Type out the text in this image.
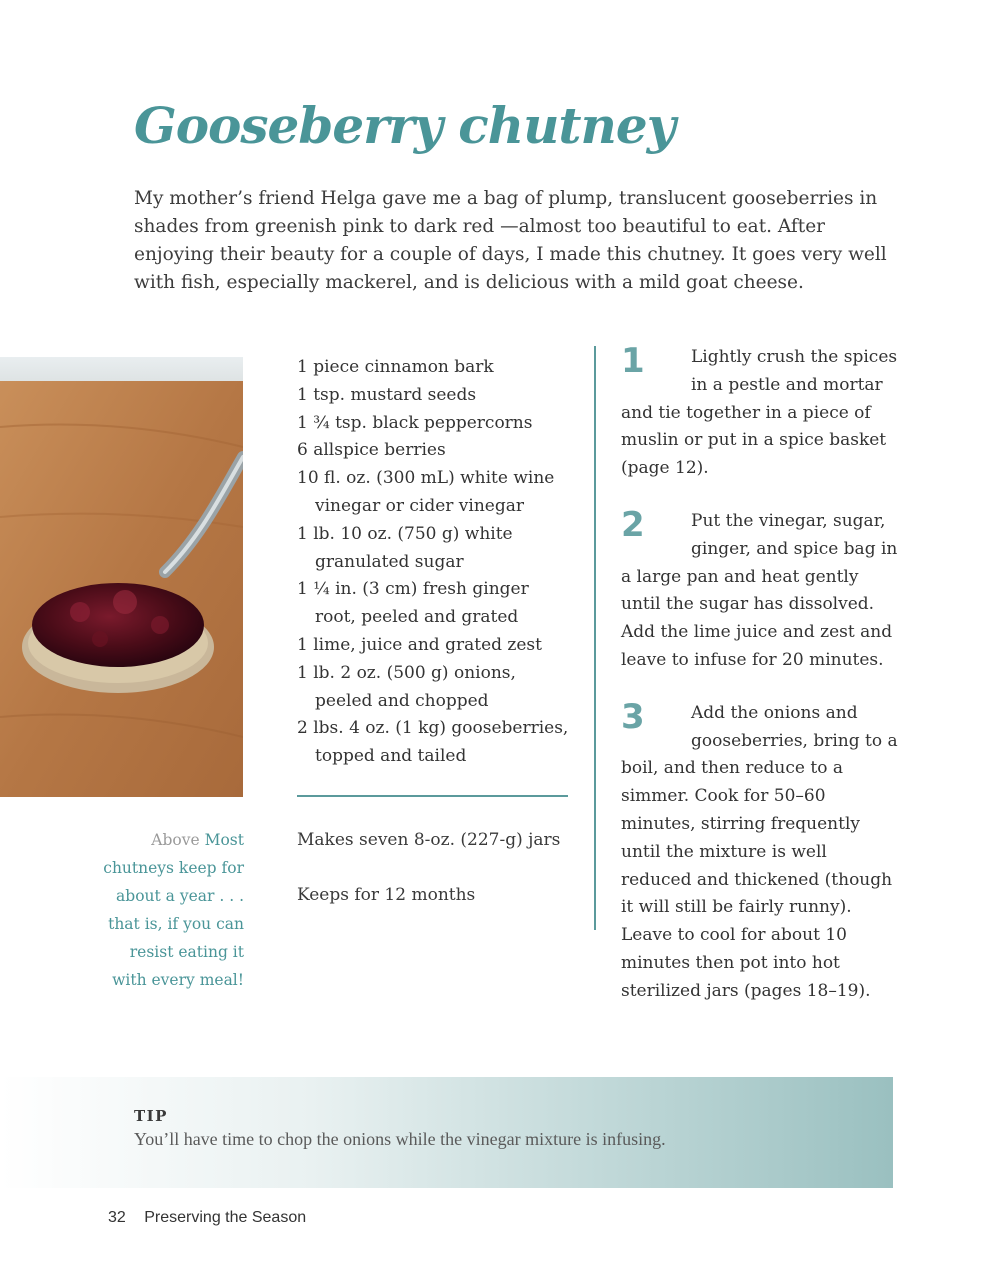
Gooseberry chutney

My mother’s friend Helga gave me a bag of plump, translucent gooseberries in shades from greenish pink to dark red —almost too beautiful to eat. After enjoying their beauty for a couple of days, I made this chutney. It goes very well with fish, especially mackerel, and is delicious with a mild goat cheese.

Above Most chutneys keep for about a year . . . that is, if you can resist eating it with every meal!

1 piece cinnamon bark
1 tsp. mustard seeds
1 ¾ tsp. black peppercorns
6 allspice berries
10 fl. oz. (300 mL) white wine vinegar or cider vinegar
1 lb. 10 oz. (750 g) white granulated sugar
1 ¼ in. (3 cm) fresh ginger root, peeled and grated
1 lime, juice and grated zest
1 lb. 2 oz. (500 g) onions, peeled and chopped
2 lbs. 4 oz. (1 kg) gooseberries, topped and tailed

Makes seven 8-oz. (227-g) jars

Keeps for 12 months

1	Lightly crush the spices in a pestle and mortar and tie together in a piece of muslin or put in a spice basket (page 12).

2	Put the vinegar, sugar, ginger, and spice bag in a large pan and heat gently until the sugar has dissolved. Add the lime juice and zest and leave to infuse for 20 minutes.

3	Add the onions and gooseberries, bring to a boil, and then reduce to a simmer. Cook for 50–60 minutes, stirring frequently until the mixture is well reduced and thickened (though it will still be fairly runny). Leave to cool for about 10 minutes then pot into hot sterilized jars (pages 18–19).

TIP

You’ll have time to chop the onions while the vinegar mixture is infusing.

32 Preserving the Season
